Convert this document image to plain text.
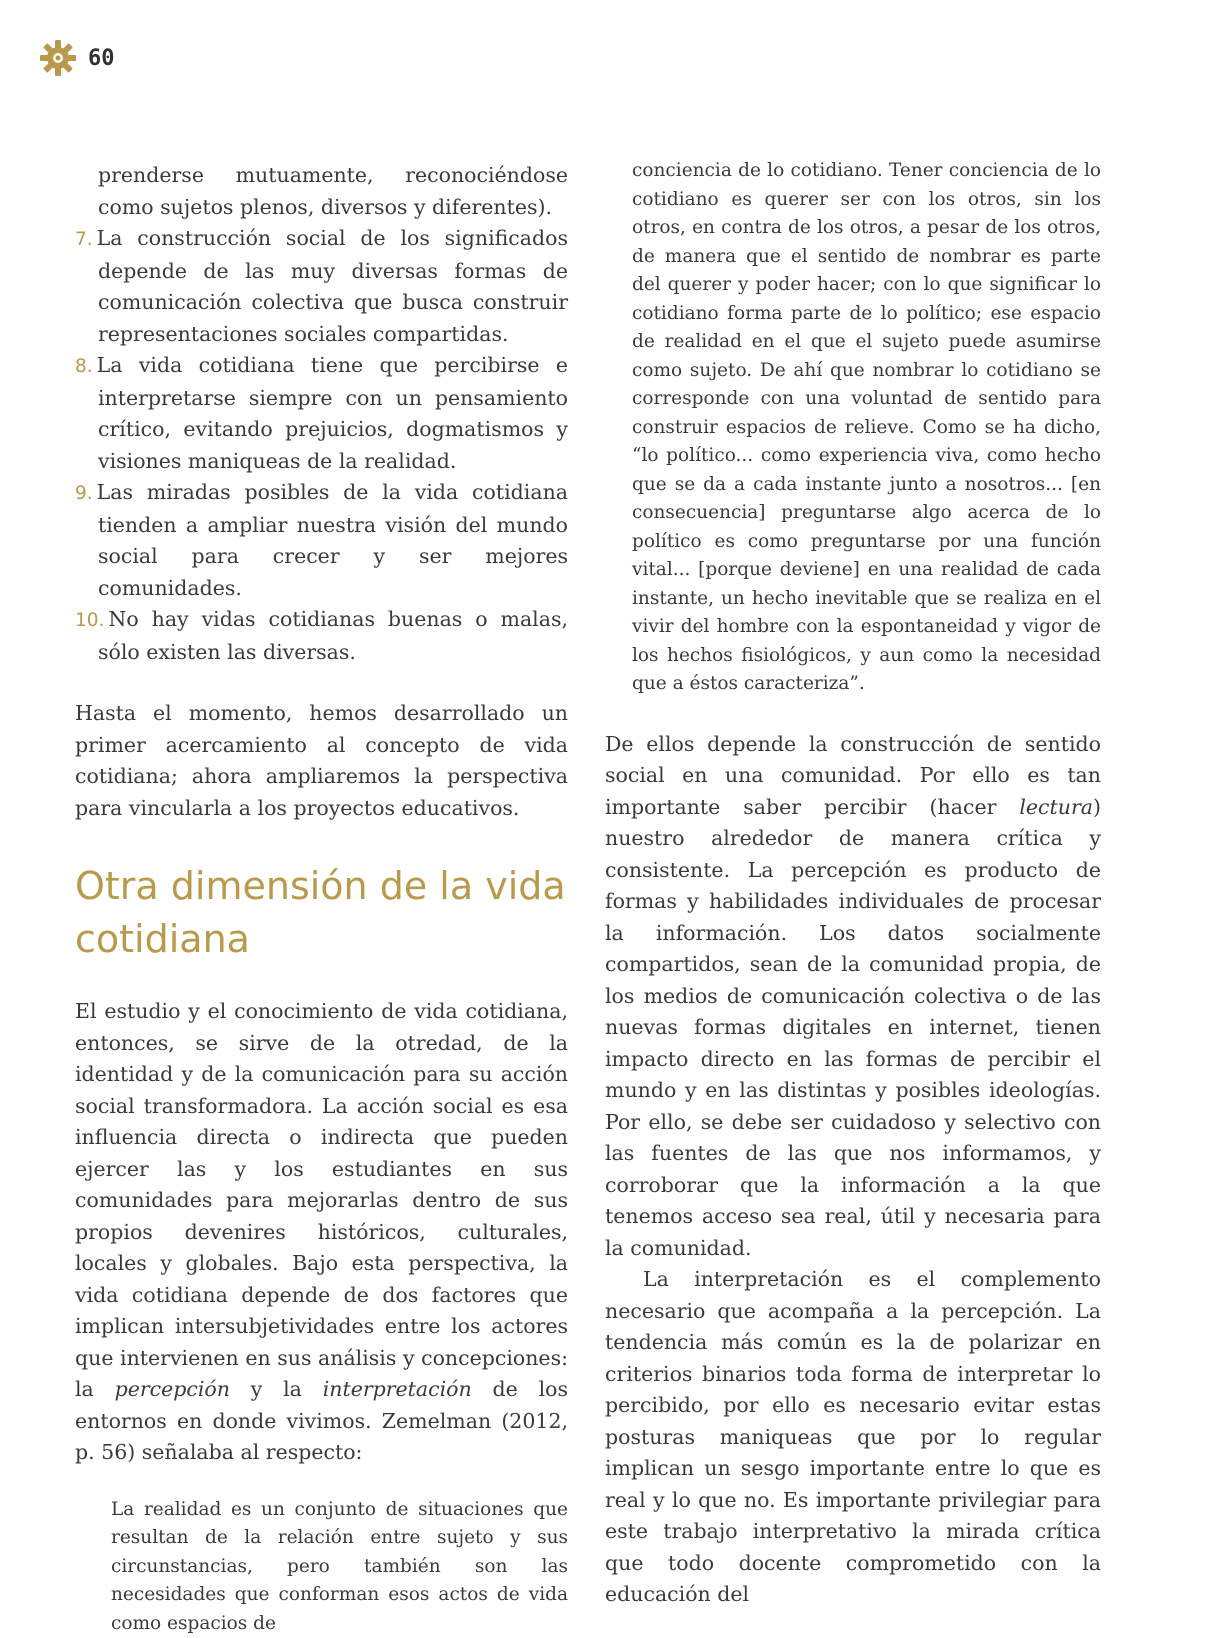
60
prenderse mutuamente, reconociéndose como sujetos plenos, diversos y diferentes).
7. La construcción social de los significados depende de las muy diversas formas de comunicación colectiva que busca construir representaciones sociales compartidas.
8. La vida cotidiana tiene que percibirse e interpretarse siempre con un pensamiento crítico, evitando prejuicios, dogmatismos y visiones maniqueas de la realidad.
9. Las miradas posibles de la vida cotidiana tienden a ampliar nuestra visión del mundo social para crecer y ser mejores comunidades.
10. No hay vidas cotidianas buenas o malas, sólo existen las diversas.

Hasta el momento, hemos desarrollado un primer acercamiento al concepto de vida cotidiana; ahora ampliaremos la perspectiva para vincularla a los proyectos educativos.

Otra dimensión de la vida cotidiana

El estudio y el conocimiento de vida cotidiana, entonces, se sirve de la otredad, de la identidad y de la comunicación para su acción social transformadora. La acción social es esa influencia directa o indirecta que pueden ejercer las y los estudiantes en sus comunidades para mejorarlas dentro de sus propios devenires históricos, culturales, locales y globales. Bajo esta perspectiva, la vida cotidiana depende de dos factores que implican intersubjetividades entre los actores que intervienen en sus análisis y concepciones: la percepción y la interpretación de los entornos en donde vivimos. Zemelman (2012, p. 56) señalaba al respecto:

La realidad es un conjunto de situaciones que resultan de la relación entre sujeto y sus circunstancias, pero también son las necesidades que conforman esos actos de vida como espacios de

conciencia de lo cotidiano. Tener conciencia de lo cotidiano es querer ser con los otros, sin los otros, en contra de los otros, a pesar de los otros, de manera que el sentido de nombrar es parte del querer y poder hacer; con lo que significar lo cotidiano forma parte de lo político; ese espacio de realidad en el que el sujeto puede asumirse como sujeto. De ahí que nombrar lo cotidiano se corresponde con una voluntad de sentido para construir espacios de relieve. Como se ha dicho, “lo político... como experiencia viva, como hecho que se da a cada instante junto a nosotros... [en consecuencia] preguntarse algo acerca de lo político es como preguntarse por una función vital... [porque deviene] en una realidad de cada instante, un hecho inevitable que se realiza en el vivir del hombre con la espontaneidad y vigor de los hechos fisiológicos, y aun como la necesidad que a éstos caracteriza”.

De ellos depende la construcción de sentido social en una comunidad. Por ello es tan importante saber percibir (hacer lectura) nuestro alrededor de manera crítica y consistente. La percepción es producto de formas y habilidades individuales de procesar la información. Los datos socialmente compartidos, sean de la comunidad propia, de los medios de comunicación colectiva o de las nuevas formas digitales en internet, tienen impacto directo en las formas de percibir el mundo y en las distintas y posibles ideologías. Por ello, se debe ser cuidadoso y selectivo con las fuentes de las que nos informamos, y corroborar que la información a la que tenemos acceso sea real, útil y necesaria para la comunidad.

La interpretación es el complemento necesario que acompaña a la percepción. La tendencia más común es la de polarizar en criterios binarios toda forma de interpretar lo percibido, por ello es necesario evitar estas posturas maniqueas que por lo regular implican un sesgo importante entre lo que es real y lo que no. Es importante privilegiar para este trabajo interpretativo la mirada crítica que todo docente comprometido con la educación del
